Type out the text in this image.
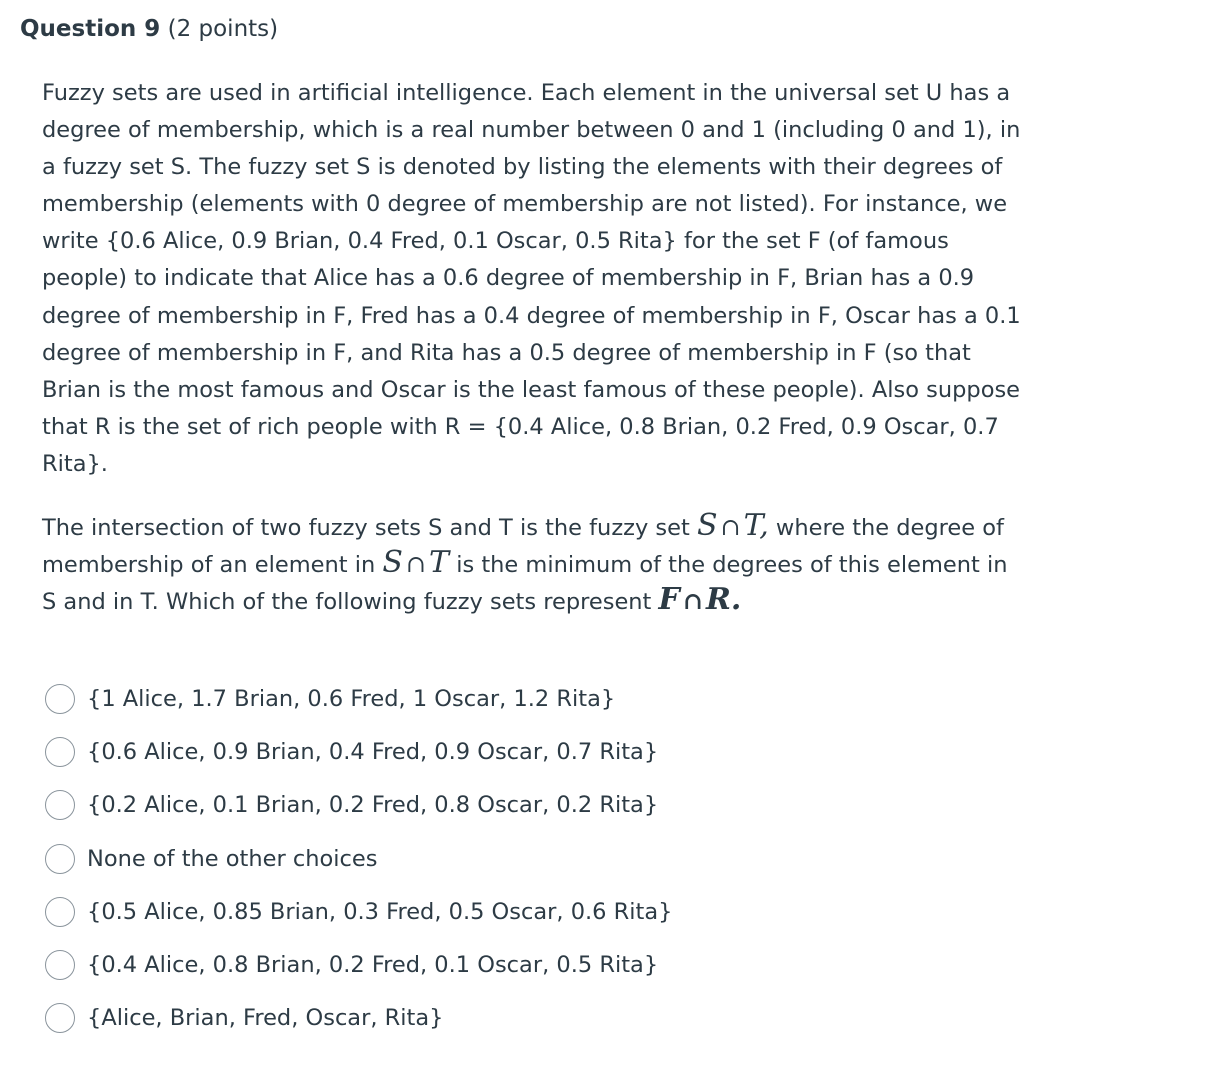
Question 9 (2 points)

Fuzzy sets are used in artificial intelligence. Each element in the universal set U has a degree of membership, which is a real number between 0 and 1 (including 0 and 1), in a fuzzy set S. The fuzzy set S is denoted by listing the elements with their degrees of membership (elements with 0 degree of membership are not listed). For instance, we write {0.6 Alice, 0.9 Brian, 0.4 Fred, 0.1 Oscar, 0.5 Rita} for the set F (of famous people) to indicate that Alice has a 0.6 degree of membership in F, Brian has a 0.9 degree of membership in F, Fred has a 0.4 degree of membership in F, Oscar has a 0.1 degree of membership in F, and Rita has a 0.5 degree of membership in F (so that Brian is the most famous and Oscar is the least famous of these people). Also suppose that R is the set of rich people with R = {0.4 Alice, 0.8 Brian, 0.2 Fred, 0.9 Oscar, 0.7 Rita}.

The intersection of two fuzzy sets S and T is the fuzzy set S ∩ T, where the degree of membership of an element in S ∩ T is the minimum of the degrees of this element in S and in T. Which of the following fuzzy sets represent F ∩ R.

{1 Alice, 1.7 Brian, 0.6 Fred, 1 Oscar, 1.2 Rita}
{0.6 Alice, 0.9 Brian, 0.4 Fred, 0.9 Oscar, 0.7 Rita}
{0.2 Alice, 0.1 Brian, 0.2 Fred, 0.8 Oscar, 0.2 Rita}
None of the other choices
{0.5 Alice, 0.85 Brian, 0.3 Fred, 0.5 Oscar, 0.6 Rita}
{0.4 Alice, 0.8 Brian, 0.2 Fred, 0.1 Oscar, 0.5 Rita}
{Alice, Brian, Fred, Oscar, Rita}
